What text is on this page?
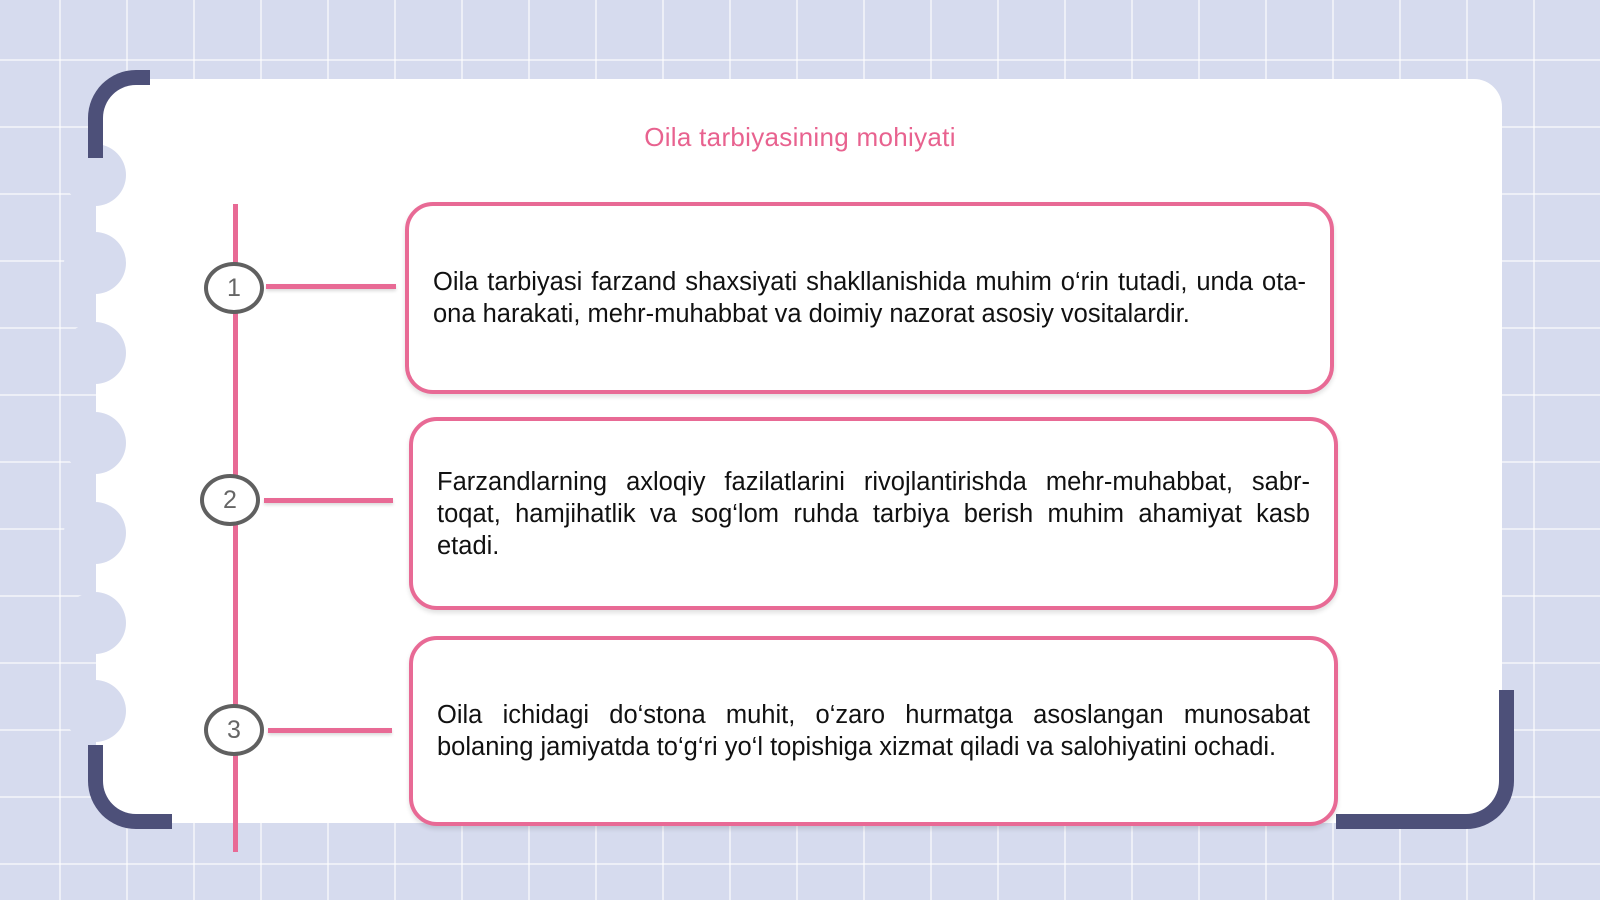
Oila tarbiyasining mohiyati
1	Oila tarbiyasi farzand shaxsiyati shakllanishida muhim o‘rin tutadi, unda ota-ona harakati, mehr-muhabbat va doimiy nazorat asosiy vositalardir.
2
Farzandlarning axloqiy fazilatlarini rivojlantirishda mehr-muhabbat, sabr-toqat, hamjihatlik va sog‘lom ruhda tarbiya berish muhim ahamiyat kasb etadi.
3
Oila ichidagi do‘stona muhit, o‘zaro hurmatga asoslangan munosabat bolaning jamiyatda to‘g‘ri yo‘l topishiga xizmat qiladi va salohiyatini ochadi.
